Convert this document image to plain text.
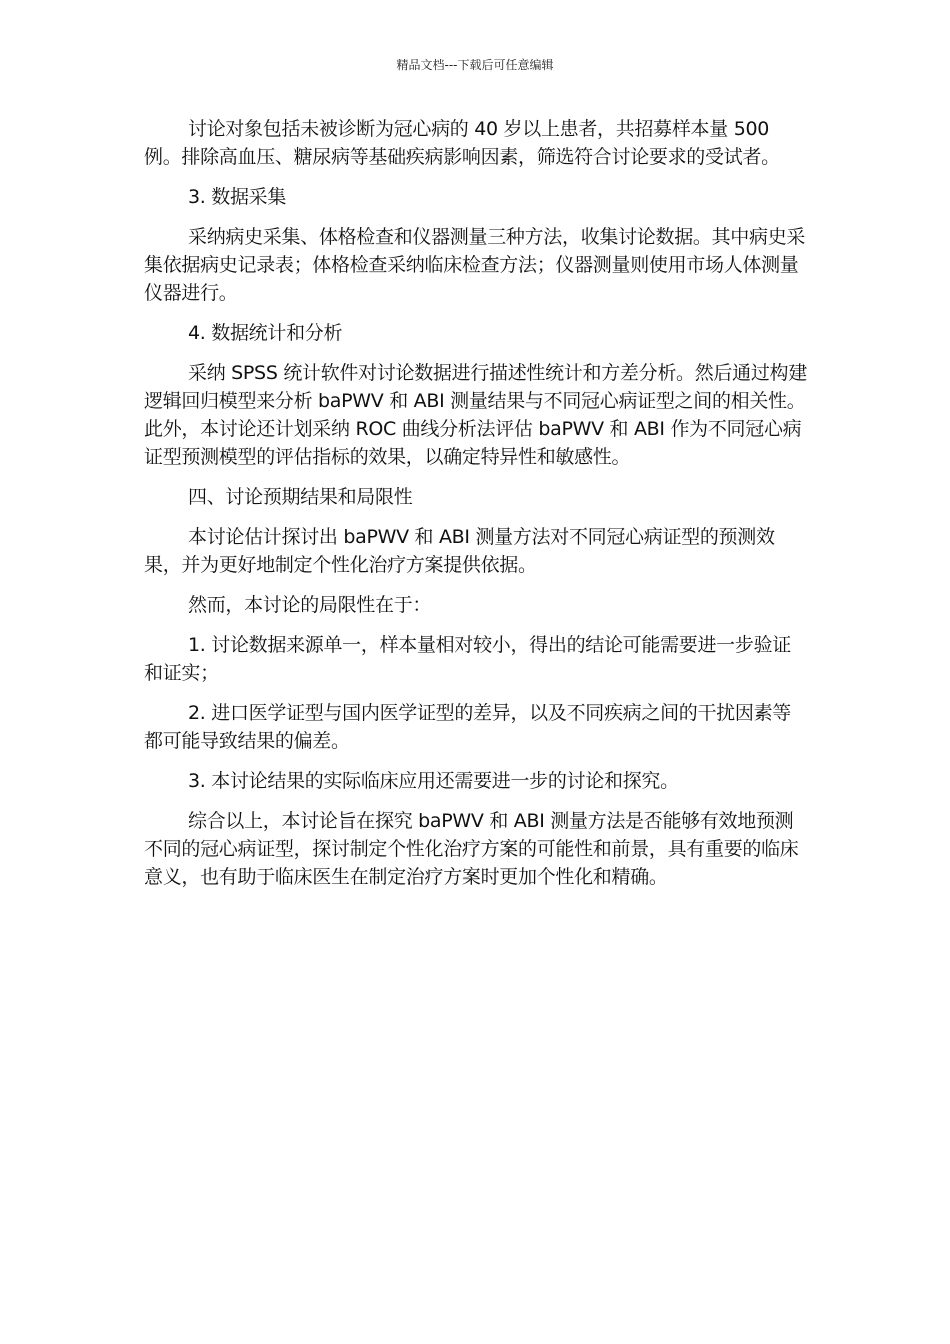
精品文档---下载后可任意编辑

讨论对象包括未被诊断为冠心病的 40 岁以上患者，共招募样本量 500 例。排除高血压、糖尿病等基础疾病影响因素，筛选符合讨论要求的受试者。

3. 数据采集

采纳病史采集、体格检查和仪器测量三种方法，收集讨论数据。其中病史采集依据病史记录表；体格检查采纳临床检查方法；仪器测量则使用市场人体测量仪器进行。

4. 数据统计和分析

采纳 SPSS 统计软件对讨论数据进行描述性统计和方差分析。然后通过构建逻辑回归模型来分析 baPWV 和 ABI 测量结果与不同冠心病证型之间的相关性。此外，本讨论还计划采纳 ROC 曲线分析法评估 baPWV 和 ABI 作为不同冠心病证型预测模型的评估指标的效果，以确定特异性和敏感性。

四、讨论预期结果和局限性

本讨论估计探讨出 baPWV 和 ABI 测量方法对不同冠心病证型的预测效果，并为更好地制定个性化治疗方案提供依据。

然而，本讨论的局限性在于：

1. 讨论数据来源单一，样本量相对较小，得出的结论可能需要进一步验证和证实；

2. 进口医学证型与国内医学证型的差异，以及不同疾病之间的干扰因素等都可能导致结果的偏差。

3. 本讨论结果的实际临床应用还需要进一步的讨论和探究。

综合以上，本讨论旨在探究 baPWV 和 ABI 测量方法是否能够有效地预测不同的冠心病证型，探讨制定个性化治疗方案的可能性和前景，具有重要的临床意义，也有助于临床医生在制定治疗方案时更加个性化和精确。
